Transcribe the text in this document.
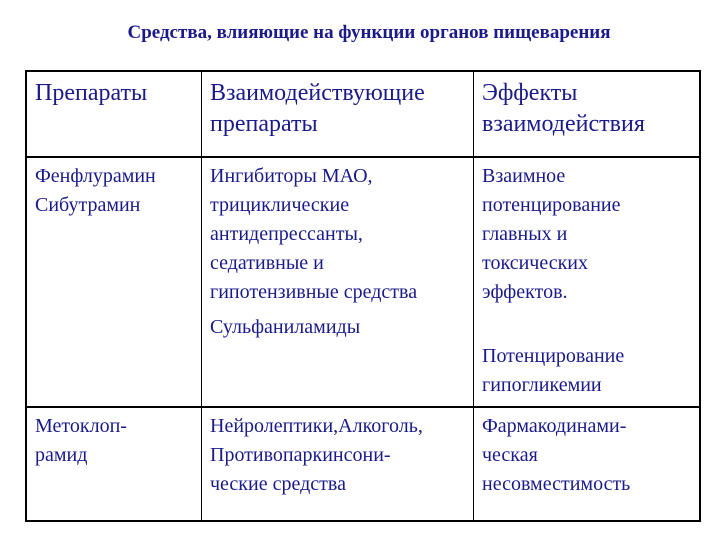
Средства, влияющие на функции органов пищеварения
Препараты	Взаимодействующие
препараты
Эффекты
взаимодействия
Фенфлурамин
Сибутрамин
Ингибиторы МАО,
трициклические
антидепрессанты,
седативные и
гипотензивные средства
Сульфаниламиды
Взаимное
потенцирование
главных и
токсических
эффектов.
Потенцирование
гипогликемии
Метоклоп-
рамид
Нейролептики,Алкоголь,
Противопаркинсони-
ческие средства
Фармакодинами-
ческая
несовместимость
